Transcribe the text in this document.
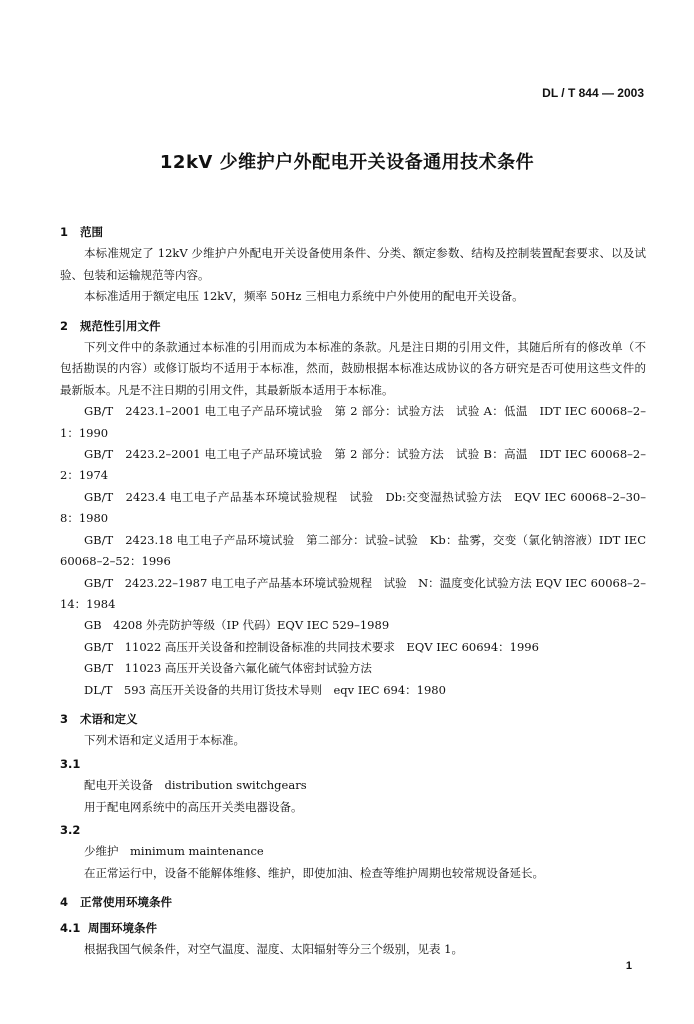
DL / T 844 — 2003
12kV 少维护户外配电开关设备通用技术条件
1 范围
本标准规定了 12kV 少维护户外配电开关设备使用条件、分类、额定参数、结构及控制装置配套要求、以及试验、包装和运输规范等内容。
本标准适用于额定电压 12kV，频率 50Hz 三相电力系统中户外使用的配电开关设备。
2 规范性引用文件
下列文件中的条款通过本标准的引用而成为本标准的条款。凡是注日期的引用文件，其随后所有的修改单（不包括勘误的内容）或修订版均不适用于本标准，然而，鼓励根据本标准达成协议的各方研究是否可使用这些文件的最新版本。凡是不注日期的引用文件，其最新版本适用于本标准。
GB/T　2423.1–2001 电工电子产品环境试验　第 2 部分：试验方法　试验 A：低温　IDT IEC 60068–2–1：1990
GB/T　2423.2–2001 电工电子产品环境试验　第 2 部分：试验方法　试验 B：高温　IDT IEC 60068–2–2：1974
GB/T　2423.4 电工电子产品基本环境试验规程　试验　Db:交变湿热试验方法　EQV IEC 60068–2–30–8：1980
GB/T　2423.18 电工电子产品环境试验　第二部分：试验–试验　Kb：盐雾，交变（氯化钠溶液）IDT IEC 60068–2–52：1996
GB/T　2423.22–1987 电工电子产品基本环境试验规程　试验　N：温度变化试验方法 EQV IEC 60068–2–14：1984
GB　4208 外壳防护等级（IP 代码）EQV IEC 529–1989
GB/T　11022 高压开关设备和控制设备标准的共同技术要求　EQV IEC 60694：1996
GB/T　11023 高压开关设备六氟化硫气体密封试验方法
DL/T　593 高压开关设备的共用订货技术导则　eqv IEC 694：1980
3 术语和定义
下列术语和定义适用于本标准。
3.1
配电开关设备　distribution switchgears
用于配电网系统中的高压开关类电器设备。
3.2
少维护　minimum maintenance
在正常运行中，设备不能解体维修、维护，即使加油、检查等维护周期也较常规设备延长。
4 正常使用环境条件
4.1 周围环境条件
根据我国气候条件，对空气温度、湿度、太阳辐射等分三个级别，见表 1。
1
